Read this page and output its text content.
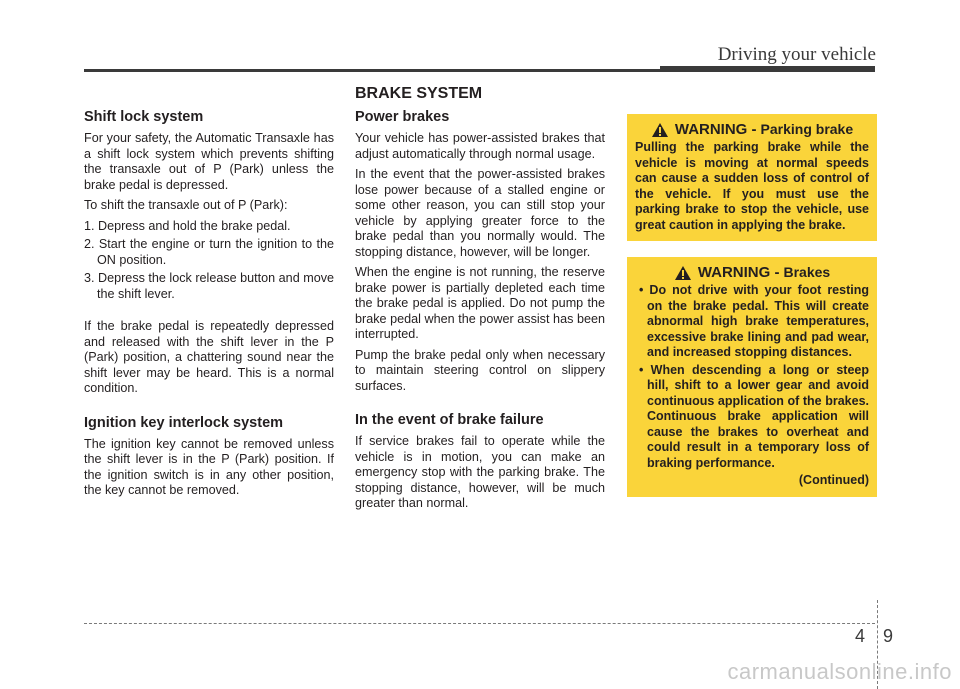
Driving your vehicle
BRAKE SYSTEM
Shift lock system

For your safety, the Automatic Transaxle has a shift lock system which prevents shifting the transaxle out of P (Park) unless the brake pedal is depressed.

To shift the transaxle out of P (Park):

1. Depress and hold the brake pedal.
2. Start the engine or turn the ignition to the ON position.
3. Depress the lock release button and move the shift lever.

If the brake pedal is repeatedly depressed and released with the shift lever in the P (Park) position, a chattering sound near the shift lever may be heard. This is a normal condition.

Ignition key interlock system

The ignition key cannot be removed unless the shift lever is in the P (Park) position. If the ignition switch is in any other position, the key cannot be removed.

Power brakes

Your vehicle has power-assisted brakes that adjust automatically through normal usage.

In the event that the power-assisted brakes lose power because of a stalled engine or some other reason, you can still stop your vehicle by applying greater force to the brake pedal than you normally would. The stopping distance, however, will be longer.

When the engine is not running, the reserve brake power is partially depleted each time the brake pedal is applied. Do not pump the brake pedal when the power assist has been interrupted.

Pump the brake pedal only when necessary to maintain steering control on slippery surfaces.

In the event of brake failure

If service brakes fail to operate while the vehicle is in motion, you can make an emergency stop with the parking brake. The stopping distance, however, will be much greater than normal.

WARNING - Parking brake

Pulling the parking brake while the vehicle is moving at normal speeds can cause a sudden loss of control of the vehicle. If you must use the parking brake to stop the vehicle, use great caution in applying the brake.

WARNING - Brakes
• Do not drive with your foot resting on the brake pedal. This will create abnormal high brake temperatures, excessive brake lining and pad wear, and increased stopping distances.
• When descending a long or steep hill, shift to a lower gear and avoid continuous application of the brakes. Continuous brake application will cause the brakes to overheat and could result in a temporary loss of braking performance.
(Continued)
4 9
carmanualsonline.info
